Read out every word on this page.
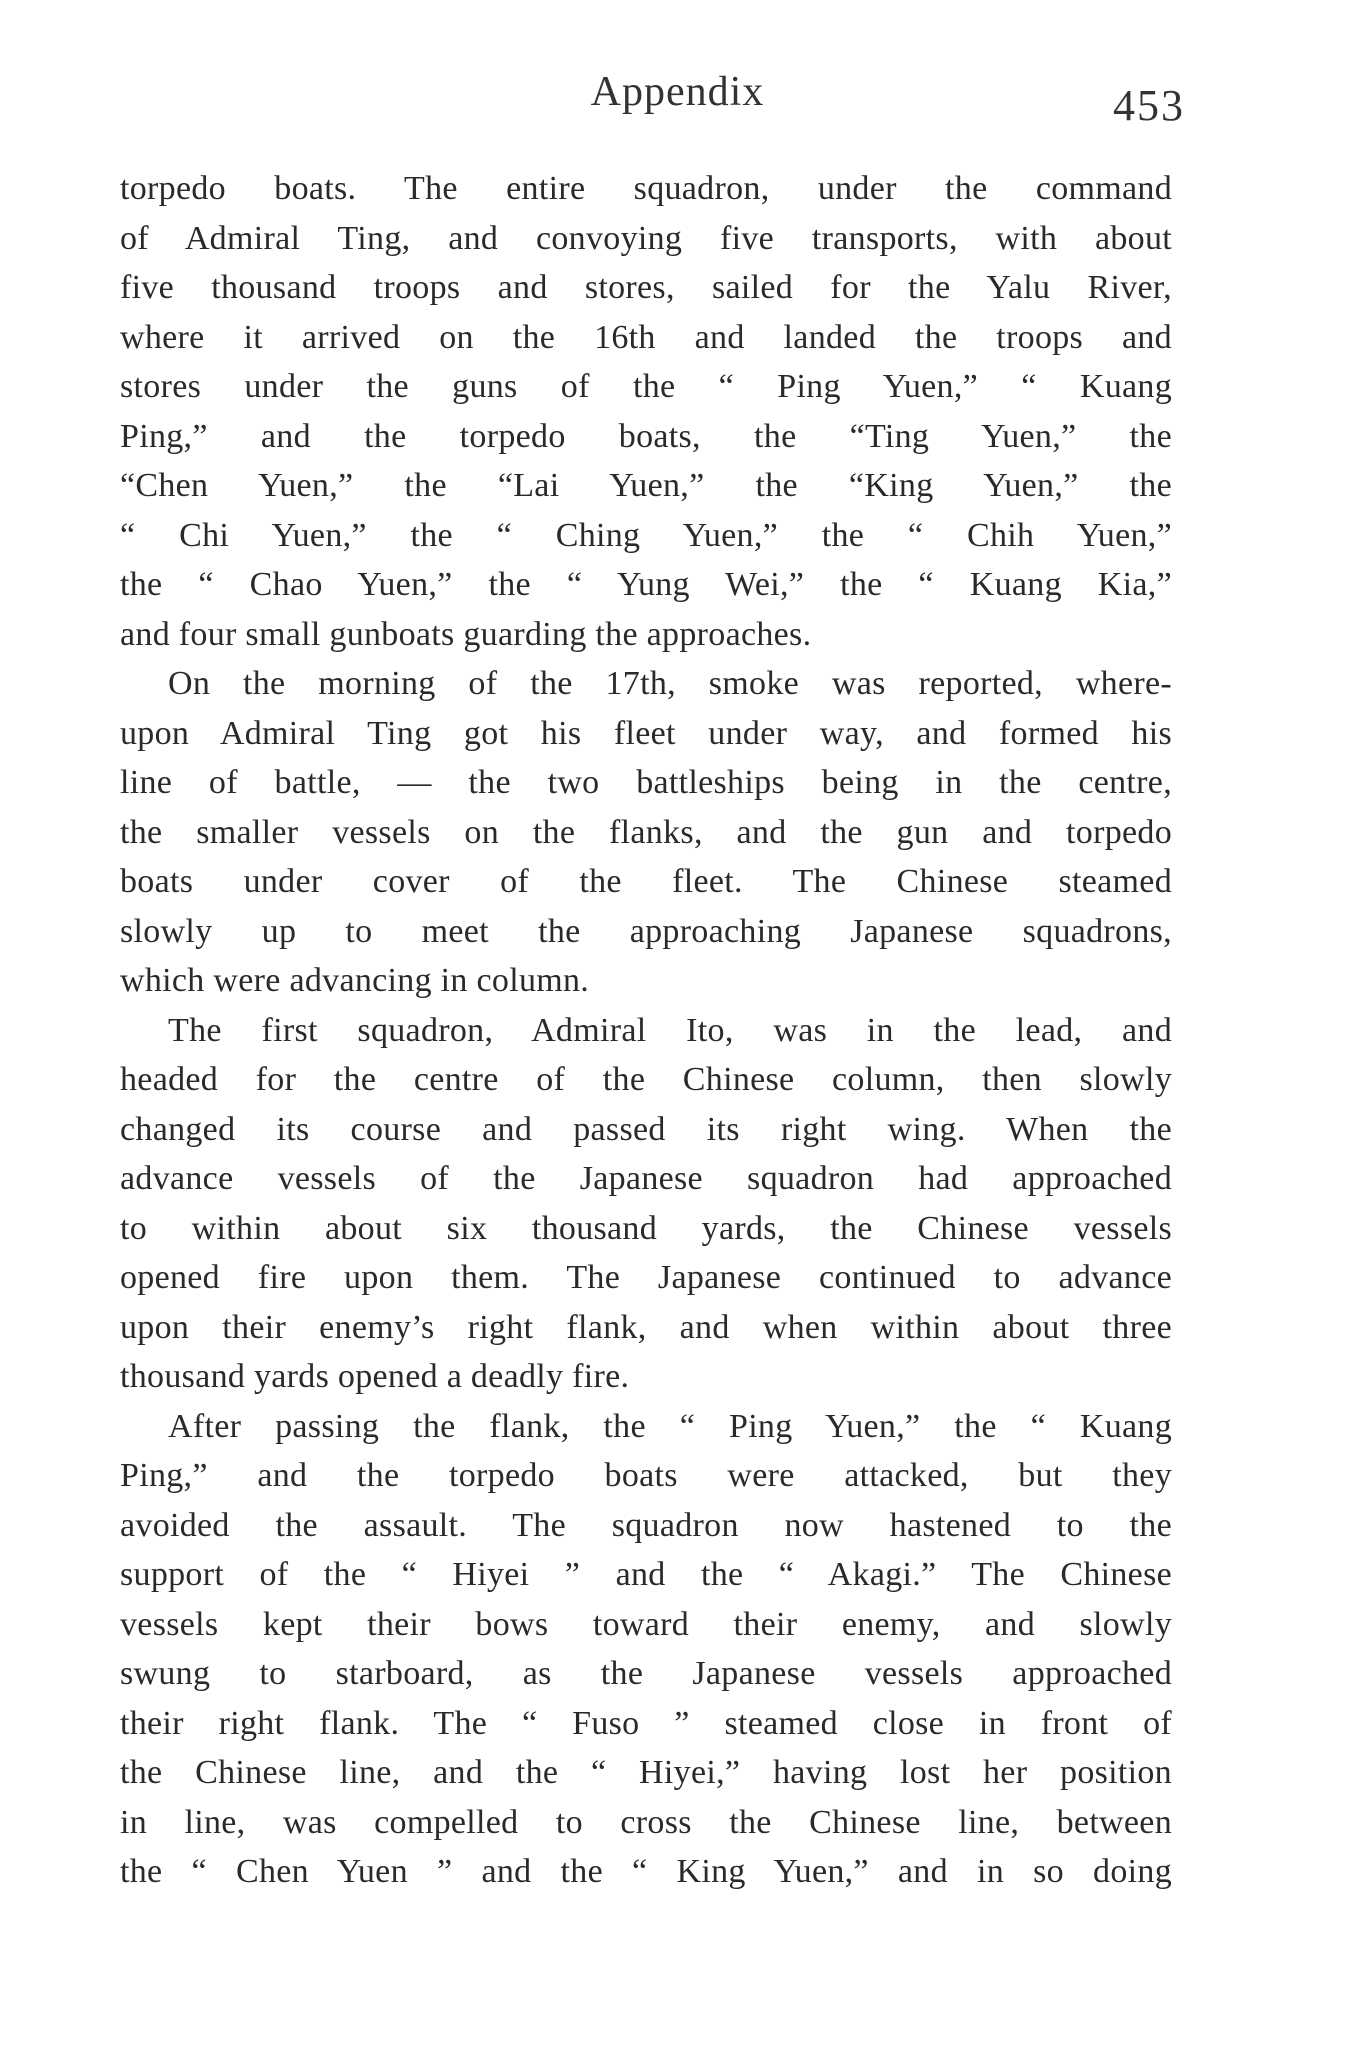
Appendix	453
torpedo boats. The entire squadron, under the command
of Admiral Ting, and convoying five transports, with about
five thousand troops and stores, sailed for the Yalu River,
where it arrived on the 16th and landed the troops and
stores under the guns of the “ Ping Yuen,” “ Kuang
Ping,” and the torpedo boats, the “Ting Yuen,” the
“Chen Yuen,” the “Lai Yuen,” the “King Yuen,” the
“ Chi Yuen,” the “ Ching Yuen,” the “ Chih Yuen,”
the “ Chao Yuen,” the “ Yung Wei,” the “ Kuang Kia,”
and four small gunboats guarding the approaches.
On the morning of the 17th, smoke was reported, where-
upon Admiral Ting got his fleet under way, and formed his
line of battle, — the two battleships being in the centre,
the smaller vessels on the flanks, and the gun and torpedo
boats under cover of the fleet. The Chinese steamed
slowly up to meet the approaching Japanese squadrons,
which were advancing in column.
The first squadron, Admiral Ito, was in the lead, and
headed for the centre of the Chinese column, then slowly
changed its course and passed its right wing. When the
advance vessels of the Japanese squadron had approached
to within about six thousand yards, the Chinese vessels
opened fire upon them. The Japanese continued to advance
upon their enemy’s right flank, and when within about three
thousand yards opened a deadly fire.
After passing the flank, the “ Ping Yuen,” the “ Kuang
Ping,” and the torpedo boats were attacked, but they
avoided the assault. The squadron now hastened to the
support of the “ Hiyei ” and the “ Akagi.” The Chinese
vessels kept their bows toward their enemy, and slowly
swung to starboard, as the Japanese vessels approached
their right flank. The “ Fuso ” steamed close in front of
the Chinese line, and the “ Hiyei,” having lost her position
in line, was compelled to cross the Chinese line, between
the “ Chen Yuen ” and the “ King Yuen,” and in so doing
